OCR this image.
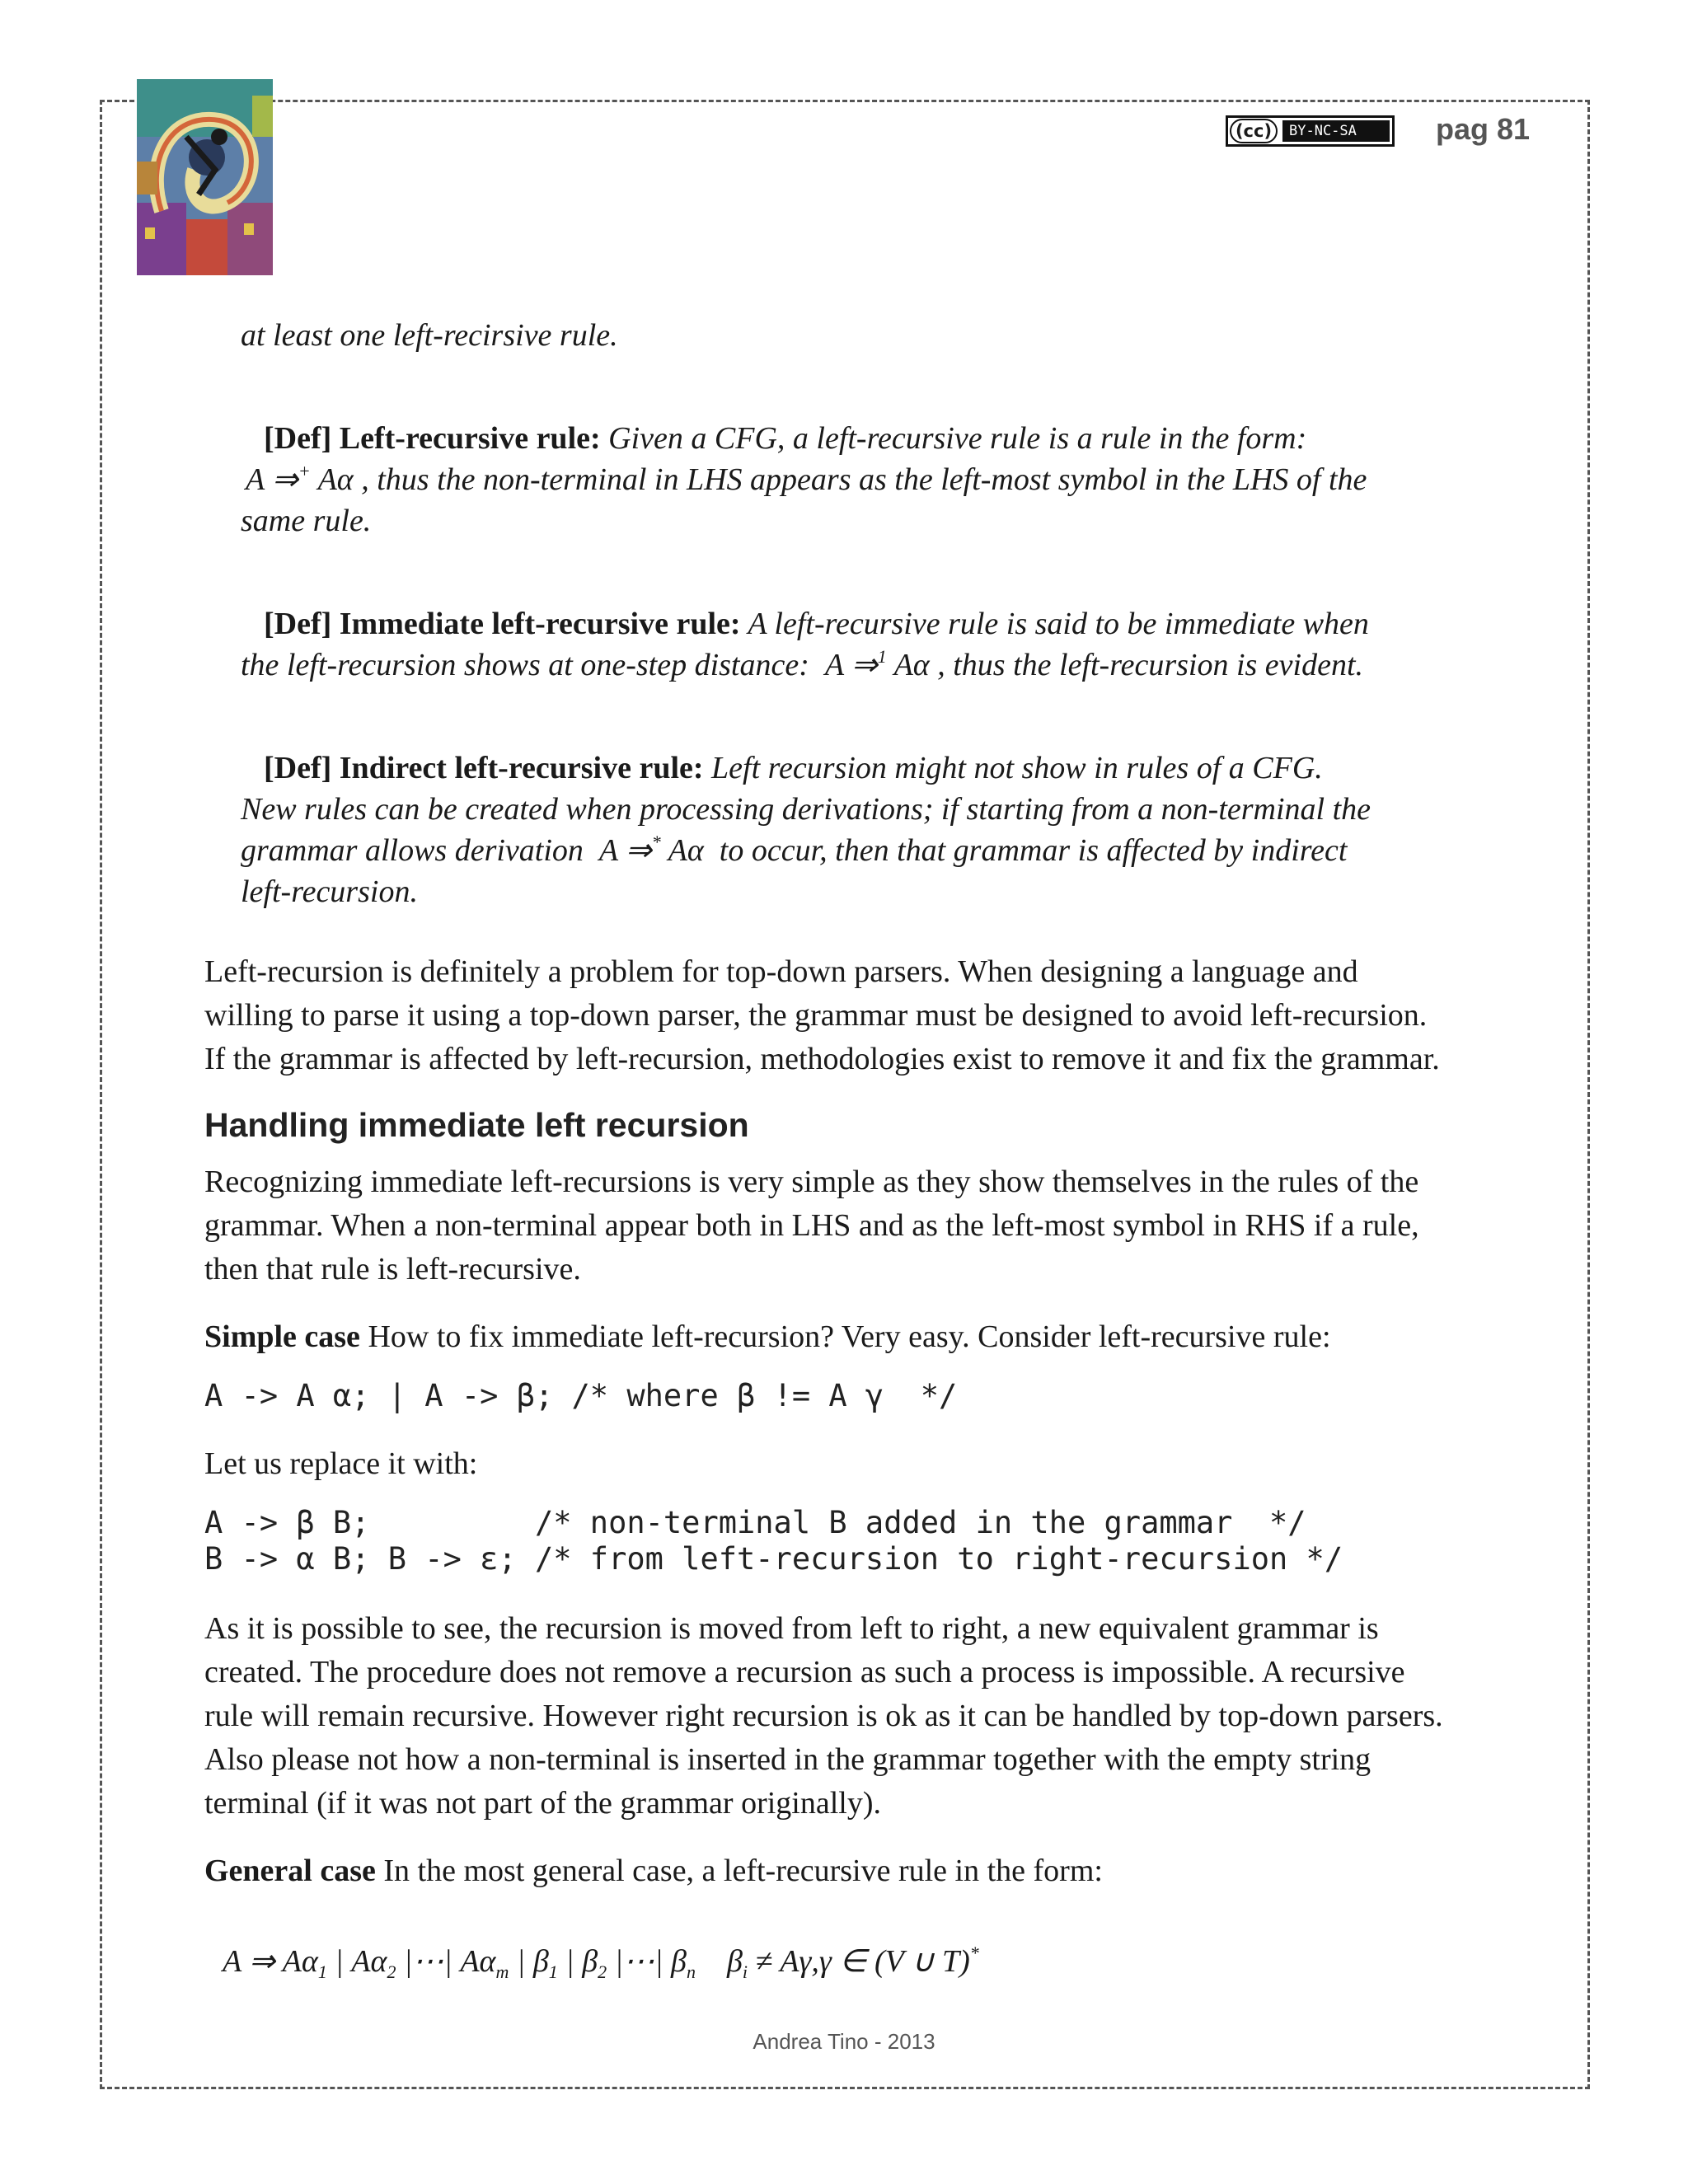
(cc)	BY-NC-SA	pag 81

at least one left-recirsive rule.

[Def] Left-recursive rule: Given a CFG, a left-recursive rule is a rule in the form:

A ⇒+ Aα , thus the non-terminal in LHS appears as the left-most symbol in the LHS of the

same rule.

[Def] Immediate left-recursive rule: A left-recursive rule is said to be immediate when

the left-recursion shows at one-step distance: A ⇒$^1$ Aα , thus the left-recursion is evident.

[Def] Indirect left-recursive rule: Left recursion might not show in rules of a CFG.

New rules can be created when processing derivations; if starting from a non-terminal the

grammar allows derivation A ⇒* Aα to occur, then that grammar is affected by indirect

left-recursion.

Left-recursion is definitely a problem for top-down parsers. When designing a language and

willing to parse it using a top-down parser, the grammar must be designed to avoid left-recursion.

If the grammar is affected by left-recursion, methodologies exist to remove it and fix the grammar.

Handling immediate left recursion

Recognizing immediate left-recursions is very simple as they show themselves in the rules of the

grammar. When a non-terminal appear both in LHS and as the left-most symbol in RHS if a rule,

then that rule is left-recursive.

Simple case How to fix immediate left-recursion? Very easy. Consider left-recursive rule:

A -> A α; | A -> β; /* where β != A γ  */

Let us replace it with:

A -> β B;         /* non-terminal B added in the grammar  */
B -> α B; B -> ε; /* from left-recursion to right-recursion */

As it is possible to see, the recursion is moved from left to right, a new equivalent grammar is

created. The procedure does not remove a recursion as such a process is impossible. A recursive

rule will remain recursive. However right recursion is ok as it can be handled by top-down parsers.

Also please not how a non-terminal is inserted in the grammar together with the empty string

terminal (if it was not part of the grammar originally).

General case In the most general case, a left-recursive rule in the form:

A ⇒ $A\alpha_1$ | $A\alpha_2$ |⋯| $A\alpha_m$ | $\beta_1$ | $\beta_2$ |⋯| $\beta_n$ $\beta_i \ne A\gamma,\gamma$ ∈ (V ∪ T)*
Andrea Tino - 2013
